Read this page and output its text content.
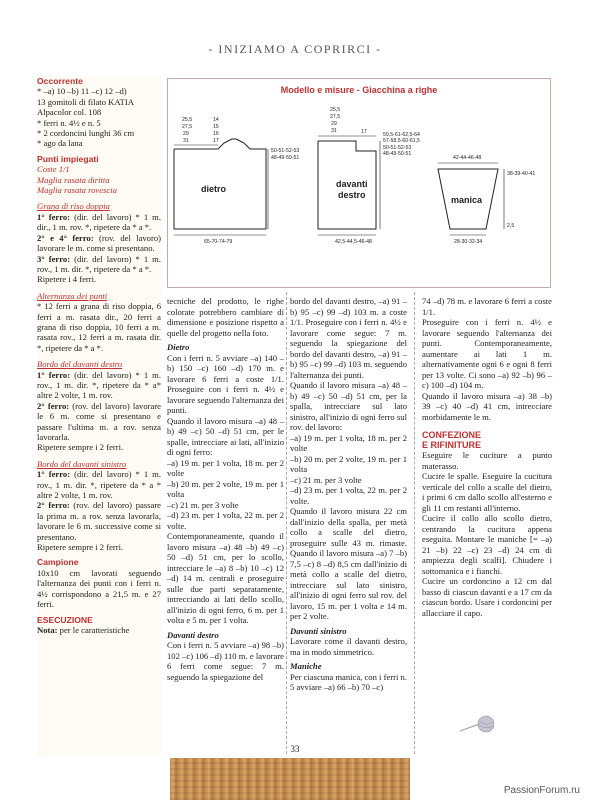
- INIZIAMO A COPRIRCI -
Occorrente
* –a) 10 –b) 11 –c) 12 –d)
13 gomitoli di filato KATIA
Alpacolor col. 108
* ferri n. 4½ e n. 5
* 2 cordoncini lunghi 36 cm
* ago da lana
Punti impiegati
Coste 1/1
Maglia rasata diritta
Maglia rasata rovescia
Grana di riso doppia
1° ferro: (dir. del lavoro) * 1 m. dir., 1 m. rov. *, ripetere da * a *.
2° e 4° ferro: (rov. del lavoro) lavorare le m. come si presentano.
3° ferro: (dir. del lavoro) * 1 m. rov., 1 m. dir. *, ripetere da * a *.
Ripetere i 4 ferri.
Alternanza dei punti

* 12 ferri a grana di riso doppia, 6 ferri a m. rasata dir., 20 ferri a grana di riso doppia, 10 ferri a m. rasata rov., 12 ferri a m. rasata dir. *, ripetere da * a *.

Bordo del davanti destro
1° ferro: (dir. del lavoro) * 1 m. rov., 1 m. dir. *, ripetere da * a* altre 2 volte, 1 m. rov.
2° ferro: (rov. del lavoro) lavorare le 6 m. come si presentano e passare l'ultima m. a rov. senza lavorarla.
Ripetere sempre i 2 ferri.
Bordo del davanti sinistro
1° ferro: (dir. del lavoro) * 1 m. rov., 1 m. dir. *, ripetere da * a * altre 2 volte, 1 m. rov.
2° ferro: (rov. del lavoro) passare la prima m. a rov. senza lavorarla, lavorare le 6 m. successive come si presentano.
Ripetere sempre i 2 ferri.
Campione

10x10 cm lavorati seguendo l'alternanza dei punti con i ferri n. 4½ corrispondono a 21,5 m. e 27 ferri.

ESECUZIONE

Nota: per le caratteristiche

Modello e misure - Giacchina a righe
dietro
25,5
27,5
29
31
14
15
16
17
50-51-52-53
48-49-50-51
65-70-74-79
davanti
destro
25,5
27,5
29
31	17	59,5-61-62,5-64
57-58,5-60-61,5
50-51-52-53
48-49-50-51
42,5-44,5-46-48
42-44-46-48
manica
38-39-40-41
2,5
28-30-32-34

tecniche del prodotto, le righe colorate potrebbero cambiare di dimensione e posizione rispetto a quelle del progetto nella foto.

Dietro

Con i ferri n. 5 avviare –a) 140 –b) 150 –c) 160 –d) 170 m. e lavorare 6 ferri a coste 1/1. Proseguire con i ferri n. 4½ e lavorare seguendo l'alternanza dei punti.

Quando il lavoro misura –a) 48 –b) 49 –c) 50 –d) 51 cm, per le spalle, intrecciare ai lati, all'inizio di ogni ferro:

–a) 19 m. per 1 volta, 18 m. per 2 volte
–b) 20 m. per 2 volte, 19 m. per 1 volta
–c) 21 m. per 3 volte
–d) 23 m. per 1 volta, 22 m. per 2 volte.

Contemporaneamente, quando il lavoro misura –a) 48 –b) 49 –c) 50 –d) 51 cm, per lo scollo, intrecciare le –a) 8 –b) 10 –c) 12 –d) 14 m. centrali e proseguire sulle due parti separatamente, intrecciando ai lati dello scollo, all'inizio di ogni ferro, 6 m. per 1 volta e 5 m. per 1 volta.

Davanti destro

Con i ferri n. 5 avviare –a) 98 –b) 102 –c) 106 –d) 110 m. e lavorare 6 ferri come segue: 7 m. seguendo la spiegazione del

bordo del davanti destro, –a) 91 –b) 95 –c) 99 –d) 103 m. a coste 1/1. Proseguire con i ferri n. 4½ e lavorare come segue: 7 m. seguendo la spiegazione del bordo del davanti destro, –a) 91 –b) 95 –c) 99 –d) 103 m. seguendo l'alternanza dei punti.

Quando il lavoro misura –a) 48 –b) 49 –c) 50 –d) 51 cm, per la spalla, intrecciare sul lato sinistro, all'inizio di ogni ferro sul rov. del lavoro:

–a) 19 m. per 1 volta, 18 m. per 2 volte
–b) 20 m. per 2 volte, 19 m. per 1 volta
–c) 21 m. per 3 volte
–d) 23 m. per 1 volta, 22 m. per 2 volte.

Quando il lavoro misura 22 cm dall'inizio della spalla, per metà collo a scalle del dietro, proseguire sulle 43 m. rimaste. Quando il lavoro misura –a) 7 –b) 7,5 –c) 8 –d) 8,5 cm dall'inizio di metà collo a scalle del dietro, intrecciare sul lato sinistro, all'inizio di ogni ferro sul rov. del lavoro, 15 m. per 1 volta e 14 m. per 2 volte.

Davanti sinistro

Lavorare come il davanti destro, ma in modo simmetrico.

Maniche

Per ciascuna manica, con i ferri n. 5 avviare –a) 66 –b) 70 –c)

74 –d) 78 m. e lavorare 6 ferri a coste 1/1.

Proseguire con i ferri n. 4½ e lavorare seguendo l'alternanza dei punti. Contemporaneamente, aumentare ai lati 1 m. alternativamente ogni 6 e ogni 8 ferri per 13 volte. Ci sono –a) 92 –b) 96 –c) 100 –d) 104 m.

Quando il lavoro misura –a) 38 –b) 39 –c) 40 –d) 41 cm, intrecciare morbidamente le m.

CONFEZIONE
E RIFINITURE

Eseguire le cuciture a punto materasso.

Cucire le spalle. Eseguire la cucitura verticale del collo a scalle del dietro, i primi 6 cm dallo scollo all'esterno e gli 11 cm restanti all'interno.

Cucire il collo allo scollo dietro, centrando la cucitura appena eseguita. Montare le maniche [= –a) 21 –b) 22 –c) 23 –d) 24 cm di ampiezza degli scalfi]. Chiudere i sottomanica e i fianchi.

Cucire un cordoncino a 12 cm dal basso di ciascun davanti e a 17 cm da ciascun bordo. Usare i cordoncini per allacciare il capo.

33
PassionForum.ru
